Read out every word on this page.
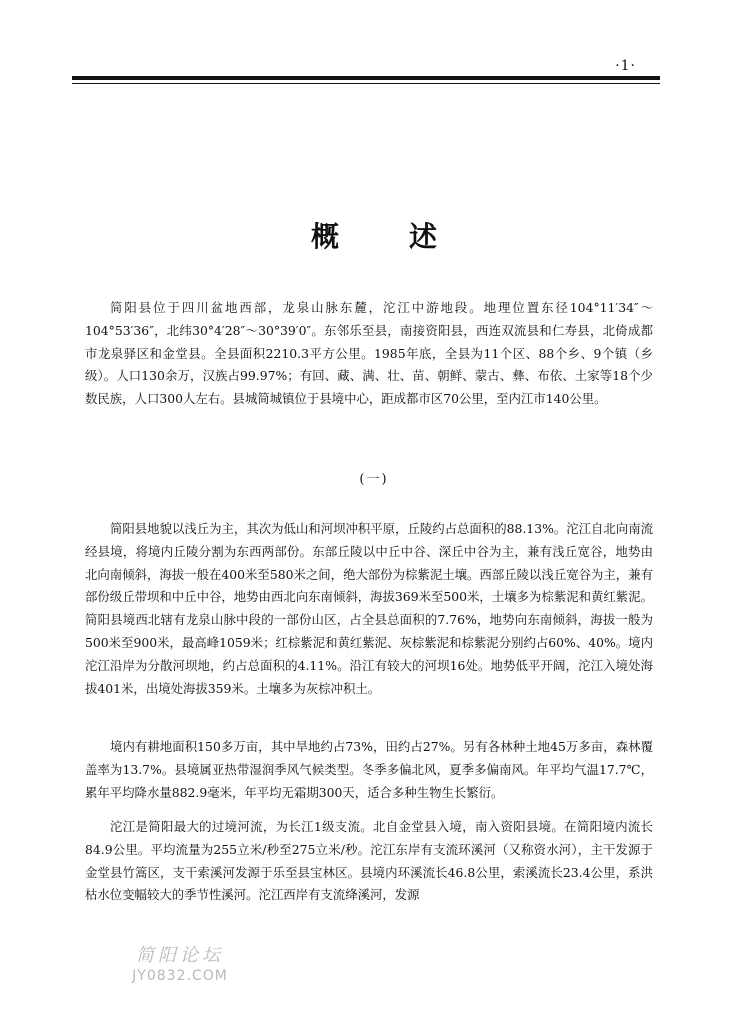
·1·
概述

简阳县位于四川盆地西部，龙泉山脉东麓，沱江中游地段。地理位置东径104°11′34″～104°53′36″，北纬30°4′28″～30°39′0″。东邻乐至县，南接资阳县，西连双流县和仁寿县，北倚成都市龙泉驿区和金堂县。全县面积2210.3平方公里。1985年底，全县为11个区、88个乡、9个镇（乡级）。人口130余万，汉族占99.97%；有回、藏、满、壮、苗、朝鲜、蒙古、彝、布依、土家等18个少数民族，人口300人左右。县城简城镇位于县境中心，距成都市区70公里，至内江市140公里。

(一)

简阳县地貌以浅丘为主，其次为低山和河坝冲积平原，丘陵约占总面积的88.13%。沱江自北向南流经县境，将境内丘陵分割为东西两部份。东部丘陵以中丘中谷、深丘中谷为主，兼有浅丘宽谷，地势由北向南倾斜，海拔一般在400米至580米之间，绝大部份为棕紫泥土壤。西部丘陵以浅丘宽谷为主，兼有部份级丘带坝和中丘中谷，地势由西北向东南倾斜，海拔369米至500米，土壤多为棕紫泥和黄红紫泥。简阳县境西北辖有龙泉山脉中段的一部份山区，占全县总面积的7.76%，地势向东南倾斜，海拔一般为500米至900米，最高峰1059米；红棕紫泥和黄红紫泥、灰棕紫泥和棕紫泥分别约占60%、40%。境内沱江沿岸为分散河坝地，约占总面积的4.11%。沿江有较大的河坝16处。地势低平开阔，沱江入境处海拔401米，出境处海拔359米。土壤多为灰棕冲积土。

境内有耕地面积150多万亩，其中旱地约占73%，田约占27%。另有各林种土地45万多亩，森林覆盖率为13.7%。县境属亚热带湿润季风气候类型。冬季多偏北风，夏季多偏南风。年平均气温17.7℃，累年平均降水量882.9毫米，年平均无霜期300天，适合多种生物生长繁衍。

沱江是简阳最大的过境河流，为长江1级支流。北自金堂县入境，南入资阳县境。在简阳境内流长84.9公里。平均流量为255立米/秒至275立米/秒。沱江东岸有支流环溪河（又称资水河），主干发源于金堂县竹篙区，支干索溪河发源于乐至县宝林区。县境内环溪流长46.8公里，索溪流长23.4公里，系洪枯水位变幅较大的季节性溪河。沱江西岸有支流绛溪河，发源

简阳论坛
JY0832.COM
